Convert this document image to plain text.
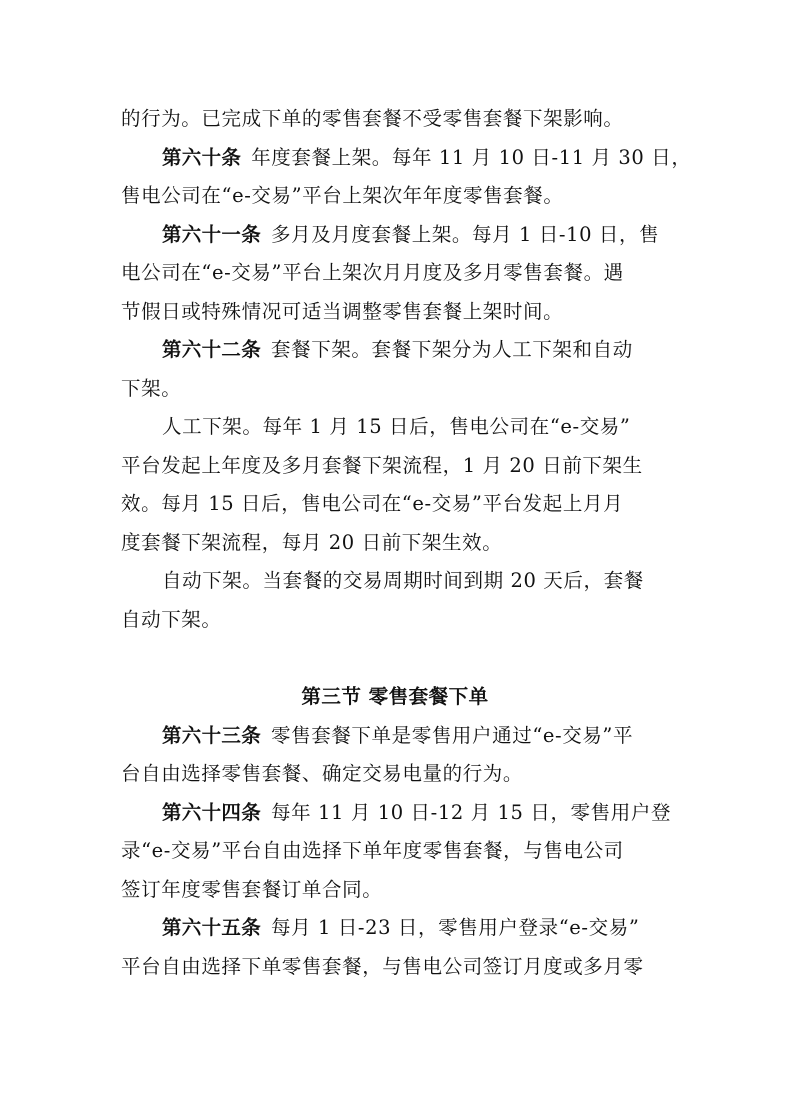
的行为。已完成下单的零售套餐不受零售套餐下架影响。
第六十条 年度套餐上架。每年 11 月 10 日-11 月 30 日，
售电公司在“e-交易”平台上架次年年度零售套餐。
第六十一条 多月及月度套餐上架。每月 1 日-10 日，售
电公司在“e-交易”平台上架次月月度及多月零售套餐。遇
节假日或特殊情况可适当调整零售套餐上架时间。
第六十二条 套餐下架。套餐下架分为人工下架和自动
下架。
人工下架。每年 1 月 15 日后，售电公司在“e-交易”
平台发起上年度及多月套餐下架流程，1 月 20 日前下架生
效。每月 15 日后，售电公司在“e-交易”平台发起上月月
度套餐下架流程，每月 20 日前下架生效。
自动下架。当套餐的交易周期时间到期 20 天后，套餐
自动下架。
第三节 零售套餐下单
第六十三条 零售套餐下单是零售用户通过“e-交易”平
台自由选择零售套餐、确定交易电量的行为。
第六十四条 每年 11 月 10 日-12 月 15 日，零售用户登
录“e-交易”平台自由选择下单年度零售套餐，与售电公司
签订年度零售套餐订单合同。
第六十五条 每月 1 日-23 日，零售用户登录“e-交易”
平台自由选择下单零售套餐，与售电公司签订月度或多月零
